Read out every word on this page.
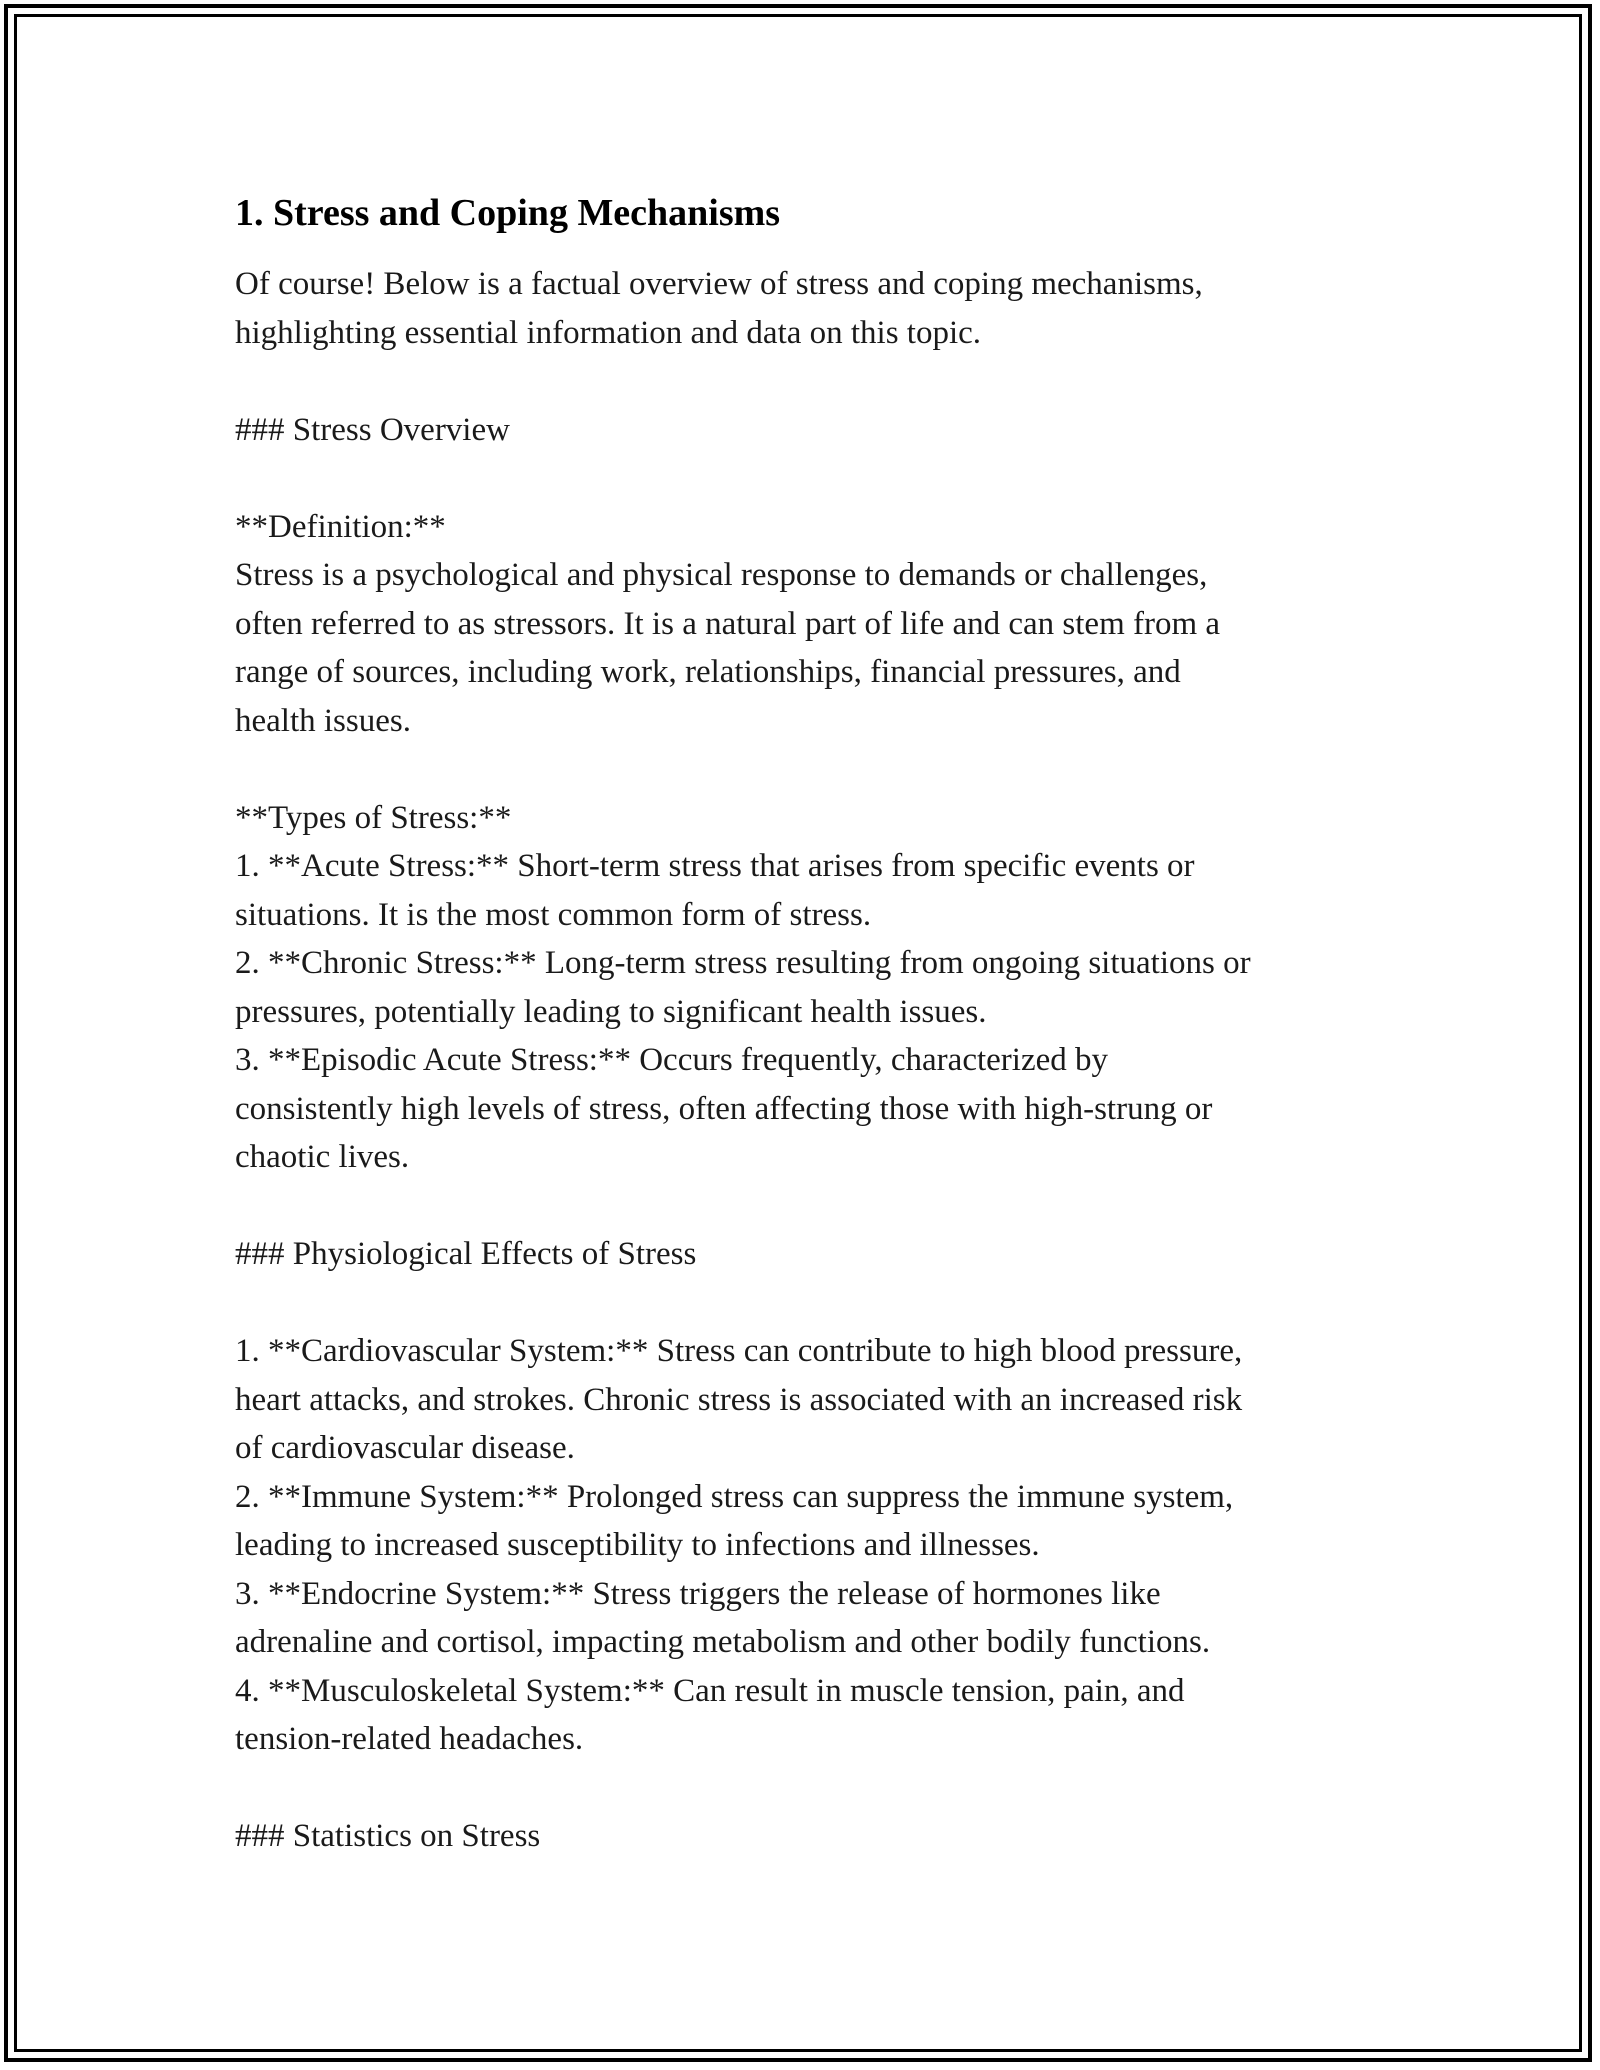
1. Stress and Coping Mechanisms

Of course! Below is a factual overview of stress and coping mechanisms,

highlighting essential information and data on this topic.

### Stress Overview

**Definition:**

Stress is a psychological and physical response to demands or challenges,

often referred to as stressors. It is a natural part of life and can stem from a

range of sources, including work, relationships, financial pressures, and

health issues.

**Types of Stress:**

1. **Acute Stress:** Short-term stress that arises from specific events or

situations. It is the most common form of stress.

2. **Chronic Stress:** Long-term stress resulting from ongoing situations or

pressures, potentially leading to significant health issues.

3. **Episodic Acute Stress:** Occurs frequently, characterized by

consistently high levels of stress, often affecting those with high-strung or

chaotic lives.

### Physiological Effects of Stress

1. **Cardiovascular System:** Stress can contribute to high blood pressure,

heart attacks, and strokes. Chronic stress is associated with an increased risk

of cardiovascular disease.

2. **Immune System:** Prolonged stress can suppress the immune system,

leading to increased susceptibility to infections and illnesses.

3. **Endocrine System:** Stress triggers the release of hormones like

adrenaline and cortisol, impacting metabolism and other bodily functions.

4. **Musculoskeletal System:** Can result in muscle tension, pain, and

tension-related headaches.

### Statistics on Stress
